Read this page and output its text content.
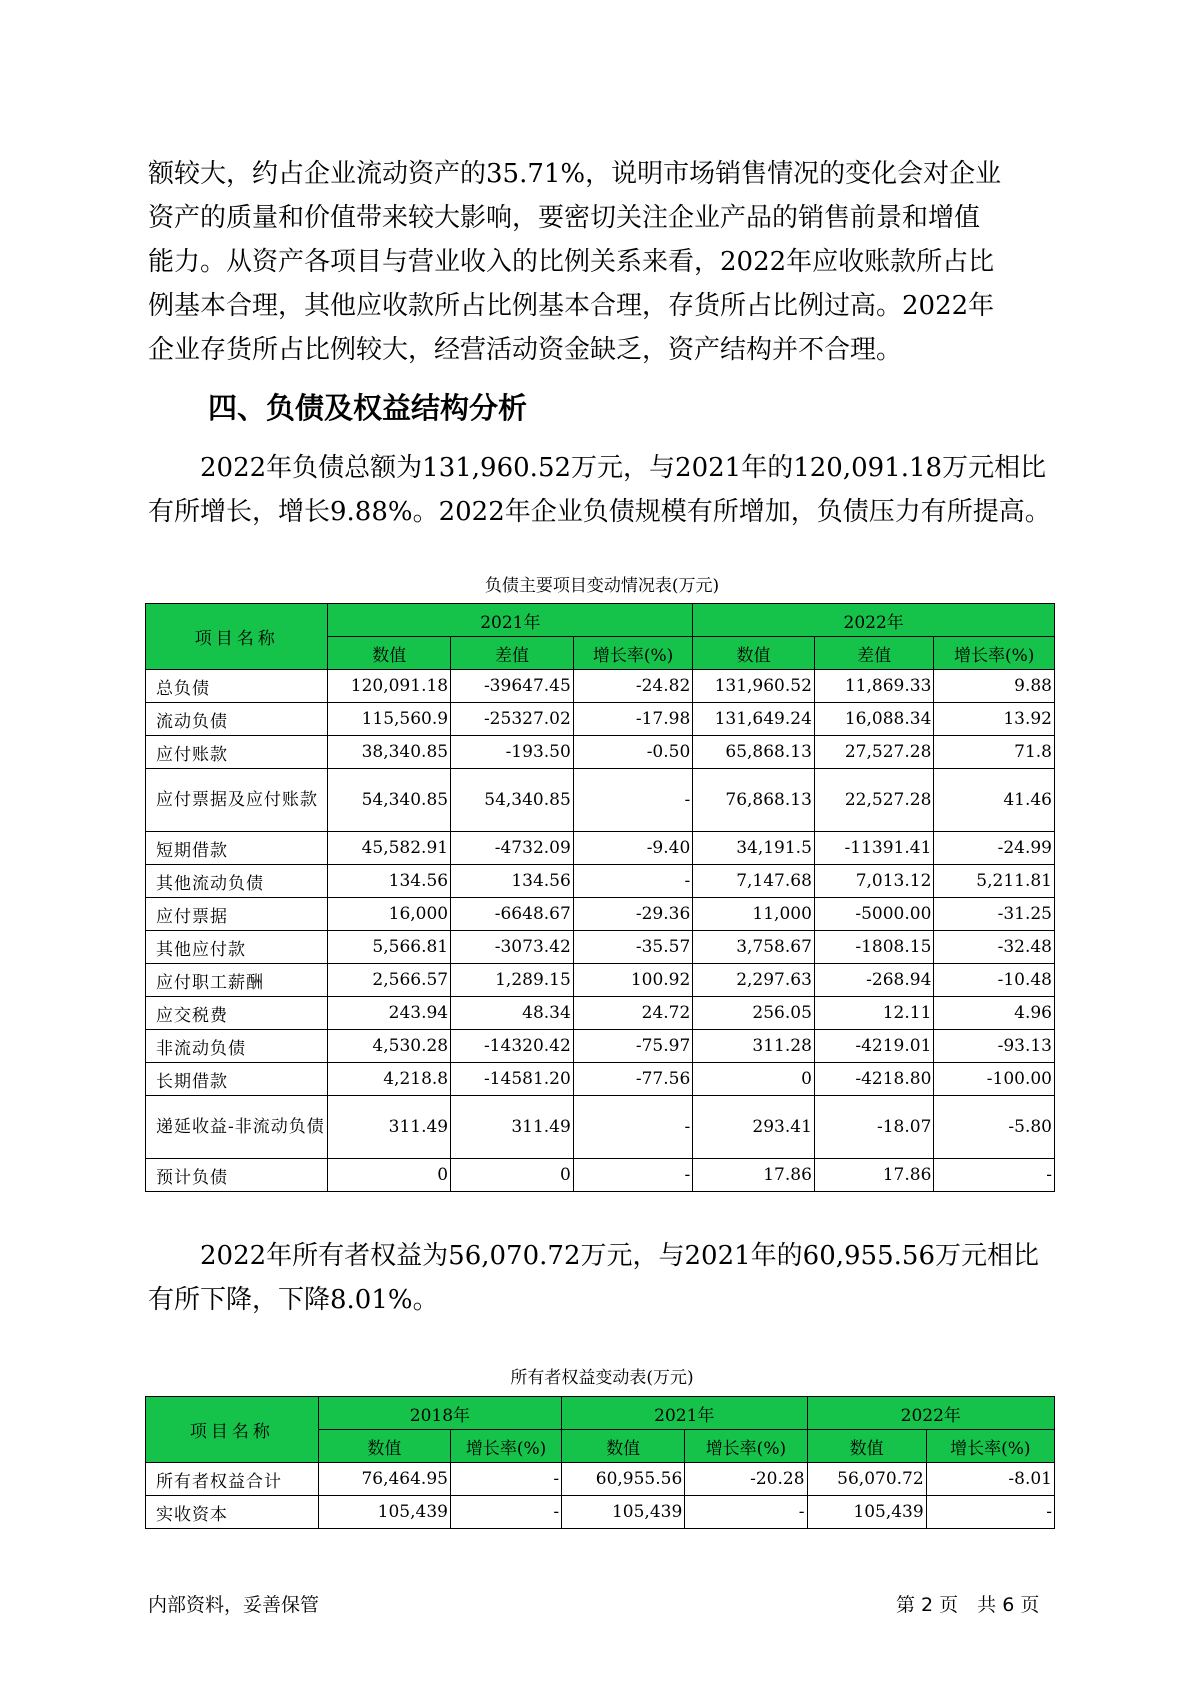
额较大，约占企业流动资产的35.71%，说明市场销售情况的变化会对企业
资产的质量和价值带来较大影响，要密切关注企业产品的销售前景和增值
能力。从资产各项目与营业收入的比例关系来看，2022年应收账款所占比
例基本合理，其他应收款所占比例基本合理，存货所占比例过高。2022年
企业存货所占比例较大，经营活动资金缺乏，资产结构并不合理。
四、负债及权益结构分析
　　2022年负债总额为131,960.52万元，与2021年的120,091.18万元相比
有所增长，增长9.88%。2022年企业负债规模有所增加，负债压力有所提高。
负债主要项目变动情况表(万元)
项目名称	2021年			2022年		
	数值	差值	增长率(%)	数值	差值	增长率(%)
总负债	120,091.18	-39647.45	-24.82	131,960.52	11,869.33	9.88
流动负债	115,560.9	-25327.02	-17.98	131,649.24	16,088.34	13.92
应付账款	38,340.85	-193.50	-0.50	65,868.13	27,527.28	71.8
应付票据及应付账款	54,340.85	54,340.85	-	76,868.13	22,527.28	41.46
短期借款	45,582.91	-4732.09	-9.40	34,191.5	-11391.41	-24.99
其他流动负债	134.56	134.56	-	7,147.68	7,013.12	5,211.81
应付票据	16,000	-6648.67	-29.36	11,000	-5000.00	-31.25
其他应付款	5,566.81	-3073.42	-35.57	3,758.67	-1808.15	-32.48
应付职工薪酬	2,566.57	1,289.15	100.92	2,297.63	-268.94	-10.48
应交税费	243.94	48.34	24.72	256.05	12.11	4.96
非流动负债	4,530.28	-14320.42	-75.97	311.28	-4219.01	-93.13
长期借款	4,218.8	-14581.20	-77.56	0	-4218.80	-100.00
递延收益-非流动负债	311.49	311.49	-	293.41	-18.07	-5.80
预计负债	0	0	-	17.86	17.86	-
　　2022年所有者权益为56,070.72万元，与2021年的60,955.56万元相比
有所下降，下降8.01%。
所有者权益变动表(万元)
项目名称	2018年		2021年		2022年	
	数值	增长率(%)	数值	增长率(%)	数值	增长率(%)
所有者权益合计	76,464.95	-	60,955.56	-20.28	56,070.72	-8.01
实收资本	105,439	-	105,439	-	105,439	-
内部资料，妥善保管	第 2 页　共 6 页
